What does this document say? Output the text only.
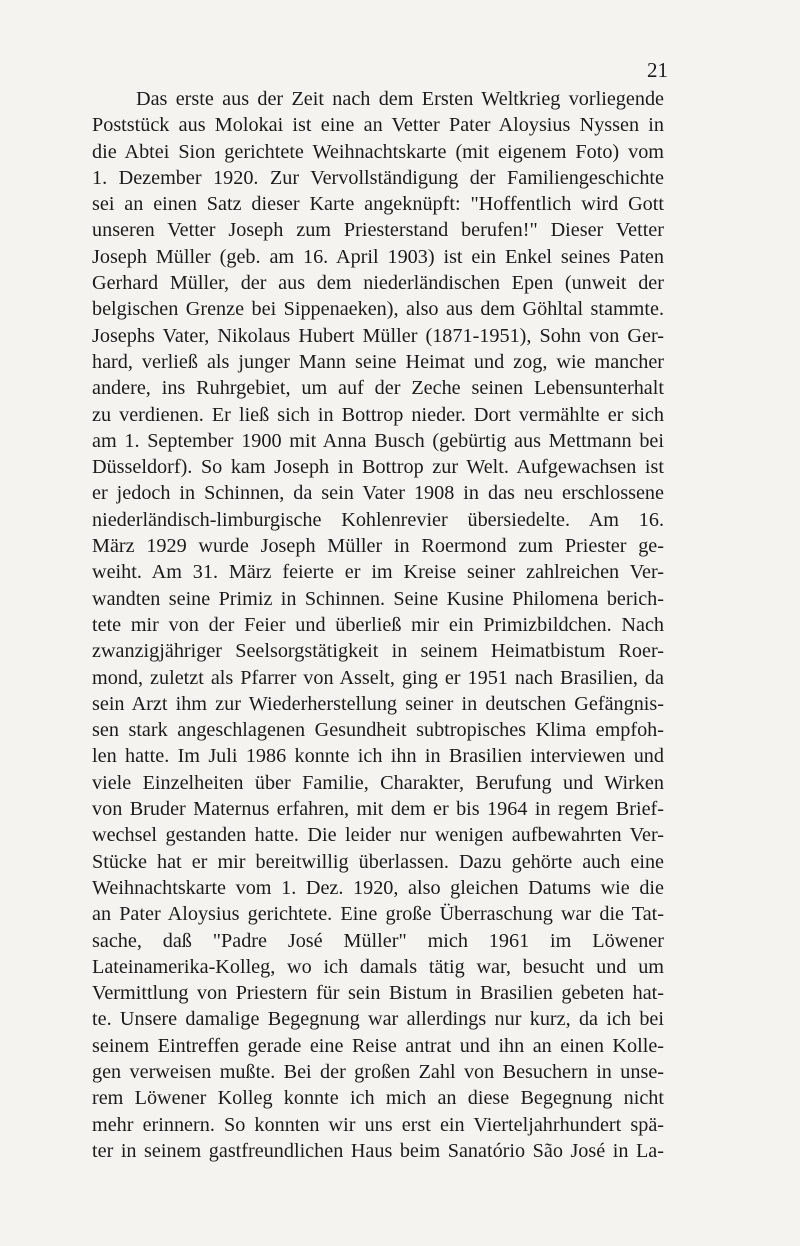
21
Das erste aus der Zeit nach dem Ersten Weltkrieg vorliegende
Poststück aus Molokai ist eine an Vetter Pater Aloysius Nyssen in
die Abtei Sion gerichtete Weihnachtskarte (mit eigenem Foto) vom
1. Dezember 1920. Zur Vervollständigung der Familiengeschichte
sei an einen Satz dieser Karte angeknüpft: "Hoffentlich wird Gott
unseren Vetter Joseph zum Priesterstand berufen!" Dieser Vetter
Joseph Müller (geb. am 16. April 1903) ist ein Enkel seines Paten
Gerhard Müller, der aus dem niederländischen Epen (unweit der
belgischen Grenze bei Sippenaeken), also aus dem Göhltal stammte.
Josephs Vater, Nikolaus Hubert Müller (1871-1951), Sohn von Ger-
hard, verließ als junger Mann seine Heimat und zog, wie mancher
andere, ins Ruhrgebiet, um auf der Zeche seinen Lebensunterhalt
zu verdienen. Er ließ sich in Bottrop nieder. Dort vermählte er sich
am 1. September 1900 mit Anna Busch (gebürtig aus Mettmann bei
Düsseldorf). So kam Joseph in Bottrop zur Welt. Aufgewachsen ist
er jedoch in Schinnen, da sein Vater 1908 in das neu erschlossene
niederländisch-limburgische Kohlenrevier übersiedelte. Am 16.
März 1929 wurde Joseph Müller in Roermond zum Priester ge-
weiht. Am 31. März feierte er im Kreise seiner zahlreichen Ver-
wandten seine Primiz in Schinnen. Seine Kusine Philomena berich-
tete mir von der Feier und überließ mir ein Primizbildchen. Nach
zwanzigjähriger Seelsorgstätigkeit in seinem Heimatbistum Roer-
mond, zuletzt als Pfarrer von Asselt, ging er 1951 nach Brasilien, da
sein Arzt ihm zur Wiederherstellung seiner in deutschen Gefängnis-
sen stark angeschlagenen Gesundheit subtropisches Klima empfoh-
len hatte. Im Juli 1986 konnte ich ihn in Brasilien interviewen und
viele Einzelheiten über Familie, Charakter, Berufung und Wirken
von Bruder Maternus erfahren, mit dem er bis 1964 in regem Brief-
wechsel gestanden hatte. Die leider nur wenigen aufbewahrten Ver-
Stücke hat er mir bereitwillig überlassen. Dazu gehörte auch eine
Weihnachtskarte vom 1. Dez. 1920, also gleichen Datums wie die
an Pater Aloysius gerichtete. Eine große Überraschung war die Tat-
sache, daß "Padre José Müller" mich 1961 im Löwener
Lateinamerika-Kolleg, wo ich damals tätig war, besucht und um
Vermittlung von Priestern für sein Bistum in Brasilien gebeten hat-
te. Unsere damalige Begegnung war allerdings nur kurz, da ich bei
seinem Eintreffen gerade eine Reise antrat und ihn an einen Kolle-
gen verweisen mußte. Bei der großen Zahl von Besuchern in unse-
rem Löwener Kolleg konnte ich mich an diese Begegnung nicht
mehr erinnern. So konnten wir uns erst ein Vierteljahrhundert spä-
ter in seinem gastfreundlichen Haus beim Sanatório São José in La-
